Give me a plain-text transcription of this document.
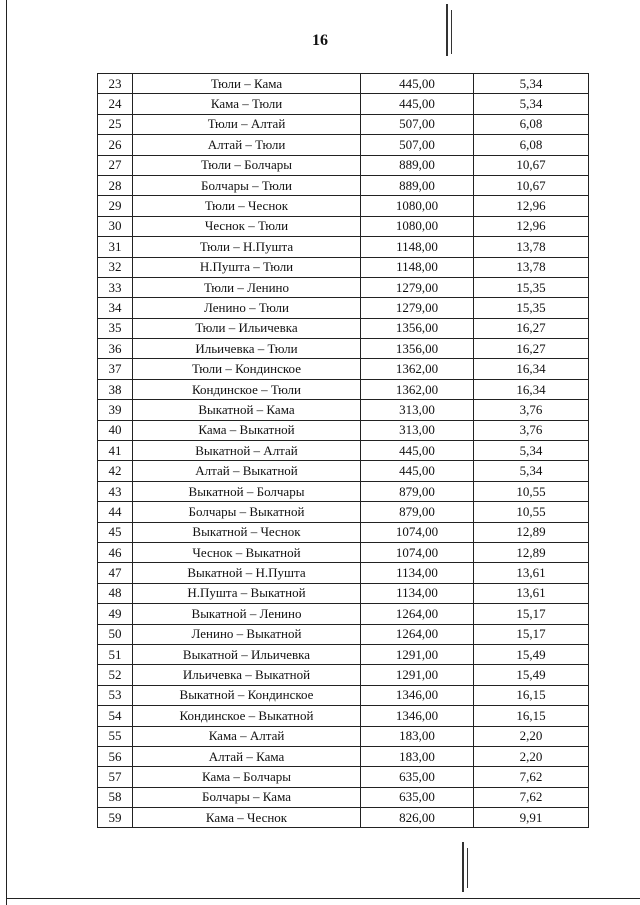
16
23	Тюли – Кама	445,00	5,34
24	Кама – Тюли	445,00	5,34
25	Тюли – Алтай	507,00	6,08
26	Алтай – Тюли	507,00	6,08
27	Тюли – Болчары	889,00	10,67
28	Болчары – Тюли	889,00	10,67
29	Тюли – Чеснок	1080,00	12,96
30	Чеснок – Тюли	1080,00	12,96
31	Тюли – Н.Пушта	1148,00	13,78
32	Н.Пушта – Тюли	1148,00	13,78
33	Тюли – Ленино	1279,00	15,35
34	Ленино – Тюли	1279,00	15,35
35	Тюли – Ильичевка	1356,00	16,27
36	Ильичевка – Тюли	1356,00	16,27
37	Тюли – Кондинское	1362,00	16,34
38	Кондинское – Тюли	1362,00	16,34
39	Выкатной – Кама	313,00	3,76
40	Кама – Выкатной	313,00	3,76
41	Выкатной – Алтай	445,00	5,34
42	Алтай – Выкатной	445,00	5,34
43	Выкатной – Болчары	879,00	10,55
44	Болчары – Выкатной	879,00	10,55
45	Выкатной – Чеснок	1074,00	12,89
46	Чеснок – Выкатной	1074,00	12,89
47	Выкатной – Н.Пушта	1134,00	13,61
48	Н.Пушта – Выкатной	1134,00	13,61
49	Выкатной – Ленино	1264,00	15,17
50	Ленино – Выкатной	1264,00	15,17
51	Выкатной – Ильичевка	1291,00	15,49
52	Ильичевка – Выкатной	1291,00	15,49
53	Выкатной – Кондинское	1346,00	16,15
54	Кондинское – Выкатной	1346,00	16,15
55	Кама – Алтай	183,00	2,20
56	Алтай – Кама	183,00	2,20
57	Кама – Болчары	635,00	7,62
58	Болчары – Кама	635,00	7,62
59	Кама – Чеснок	826,00	9,91
